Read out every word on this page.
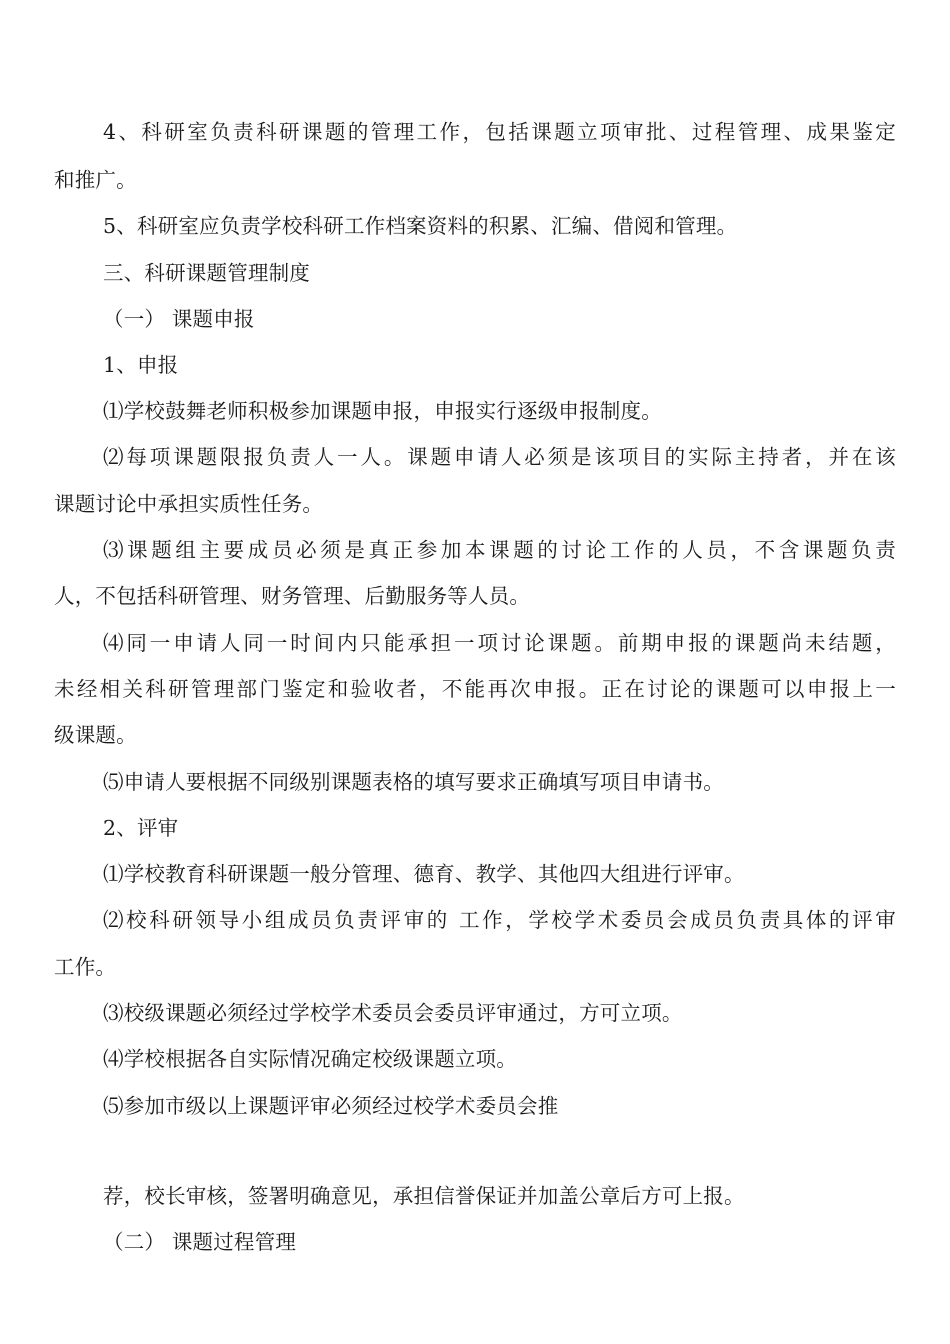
4、科研室负责科研课题的管理工作，包括课题立项审批、过程管理、成果鉴定
和推广。
5、科研室应负责学校科研工作档案资料的积累、汇编、借阅和管理。
三、科研课题管理制度
（一） 课题申报
1、申报
⑴学校鼓舞老师积极参加课题申报，申报实行逐级申报制度。
⑵每项课题限报负责人一人。课题申请人必须是该项目的实际主持者，并在该
课题讨论中承担实质性任务。
⑶课题组主要成员必须是真正参加本课题的讨论工作的人员，不含课题负责
人，不包括科研管理、财务管理、后勤服务等人员。
⑷同一申请人同一时间内只能承担一项讨论课题。前期申报的课题尚未结题，
未经相关科研管理部门鉴定和验收者，不能再次申报。正在讨论的课题可以申报上一
级课题。
⑸申请人要根据不同级别课题表格的填写要求正确填写项目申请书。
2、评审
⑴学校教育科研课题一般分管理、德育、教学、其他四大组进行评审。
⑵校科研领导小组成员负责评审的 工作，学校学术委员会成员负责具体的评审
工作。
⑶校级课题必须经过学校学术委员会委员评审通过，方可立项。
⑷学校根据各自实际情况确定校级课题立项。
⑸参加市级以上课题评审必须经过校学术委员会推
荐，校长审核，签署明确意见，承担信誉保证并加盖公章后方可上报。
（二） 课题过程管理
